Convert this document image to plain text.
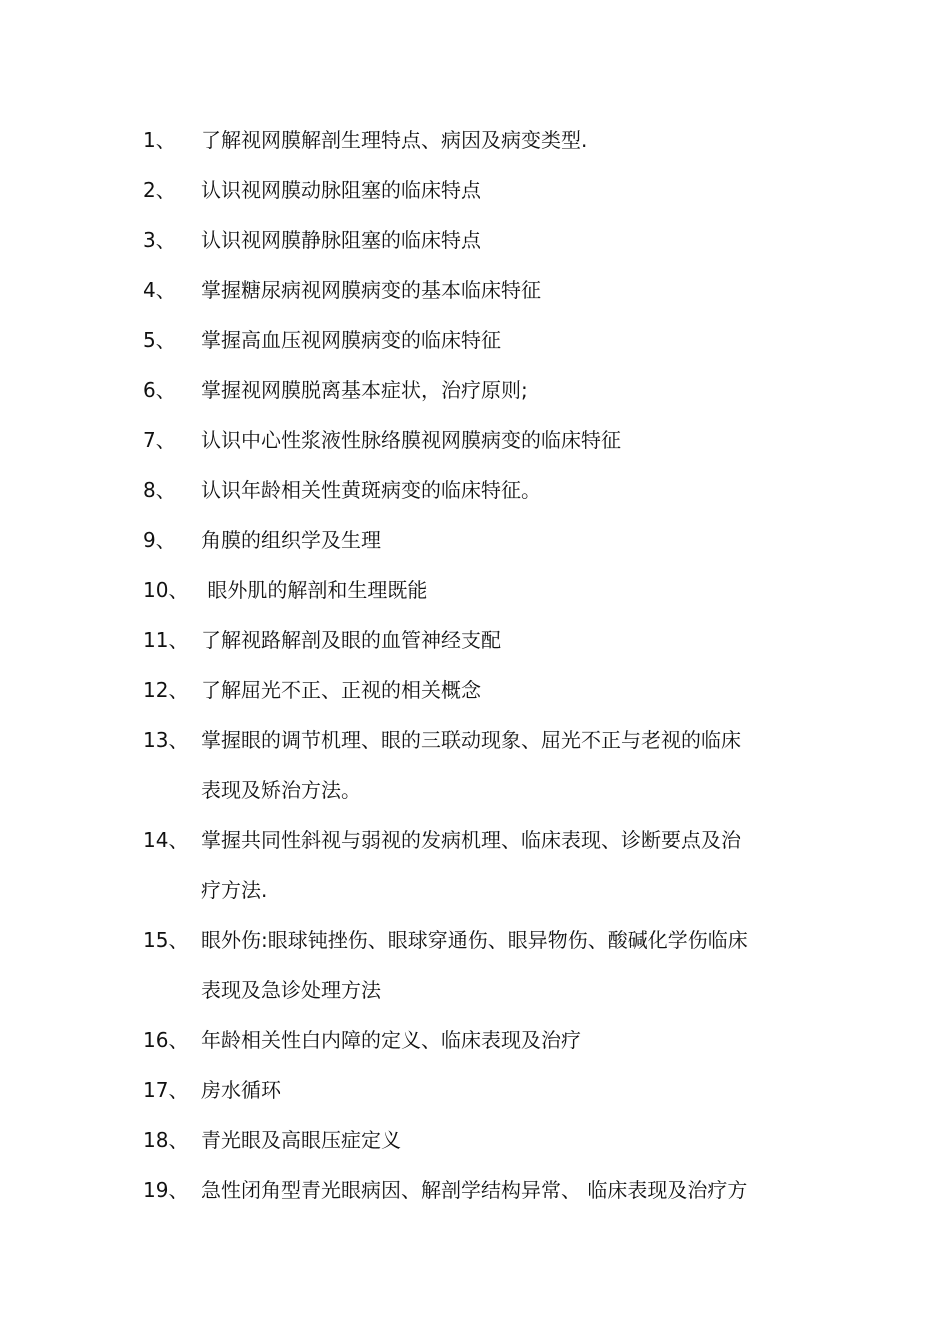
1、	了解视网膜解剖生理特点、病因及病变类型.
2、	认识视网膜动脉阻塞的临床特点
3、	认识视网膜静脉阻塞的临床特点
4、	掌握糖尿病视网膜病变的基本临床特征
5、	掌握高血压视网膜病变的临床特征
6、	掌握视网膜脱离基本症状，治疗原则;
7、	认识中心性浆液性脉络膜视网膜病变的临床特征
8、	认识年龄相关性黄斑病变的临床特征。
9、	角膜的组织学及生理
10、 眼外肌的解剖和生理既能
11、 了解视路解剖及眼的血管神经支配
12、 了解屈光不正、正视的相关概念
13、 掌握眼的调节机理、眼的三联动现象、屈光不正与老视的临床
表现及矫治方法。
14、 掌握共同性斜视与弱视的发病机理、临床表现、诊断要点及治
疗方法.
15、 眼外伤:眼球钝挫伤、眼球穿通伤、眼异物伤、酸碱化学伤临床
表现及急诊处理方法
16、 年龄相关性白内障的定义、临床表现及治疗
17、 房水循环
18、 青光眼及高眼压症定义
19、 急性闭角型青光眼病因、解剖学结构异常、 临床表现及治疗方
